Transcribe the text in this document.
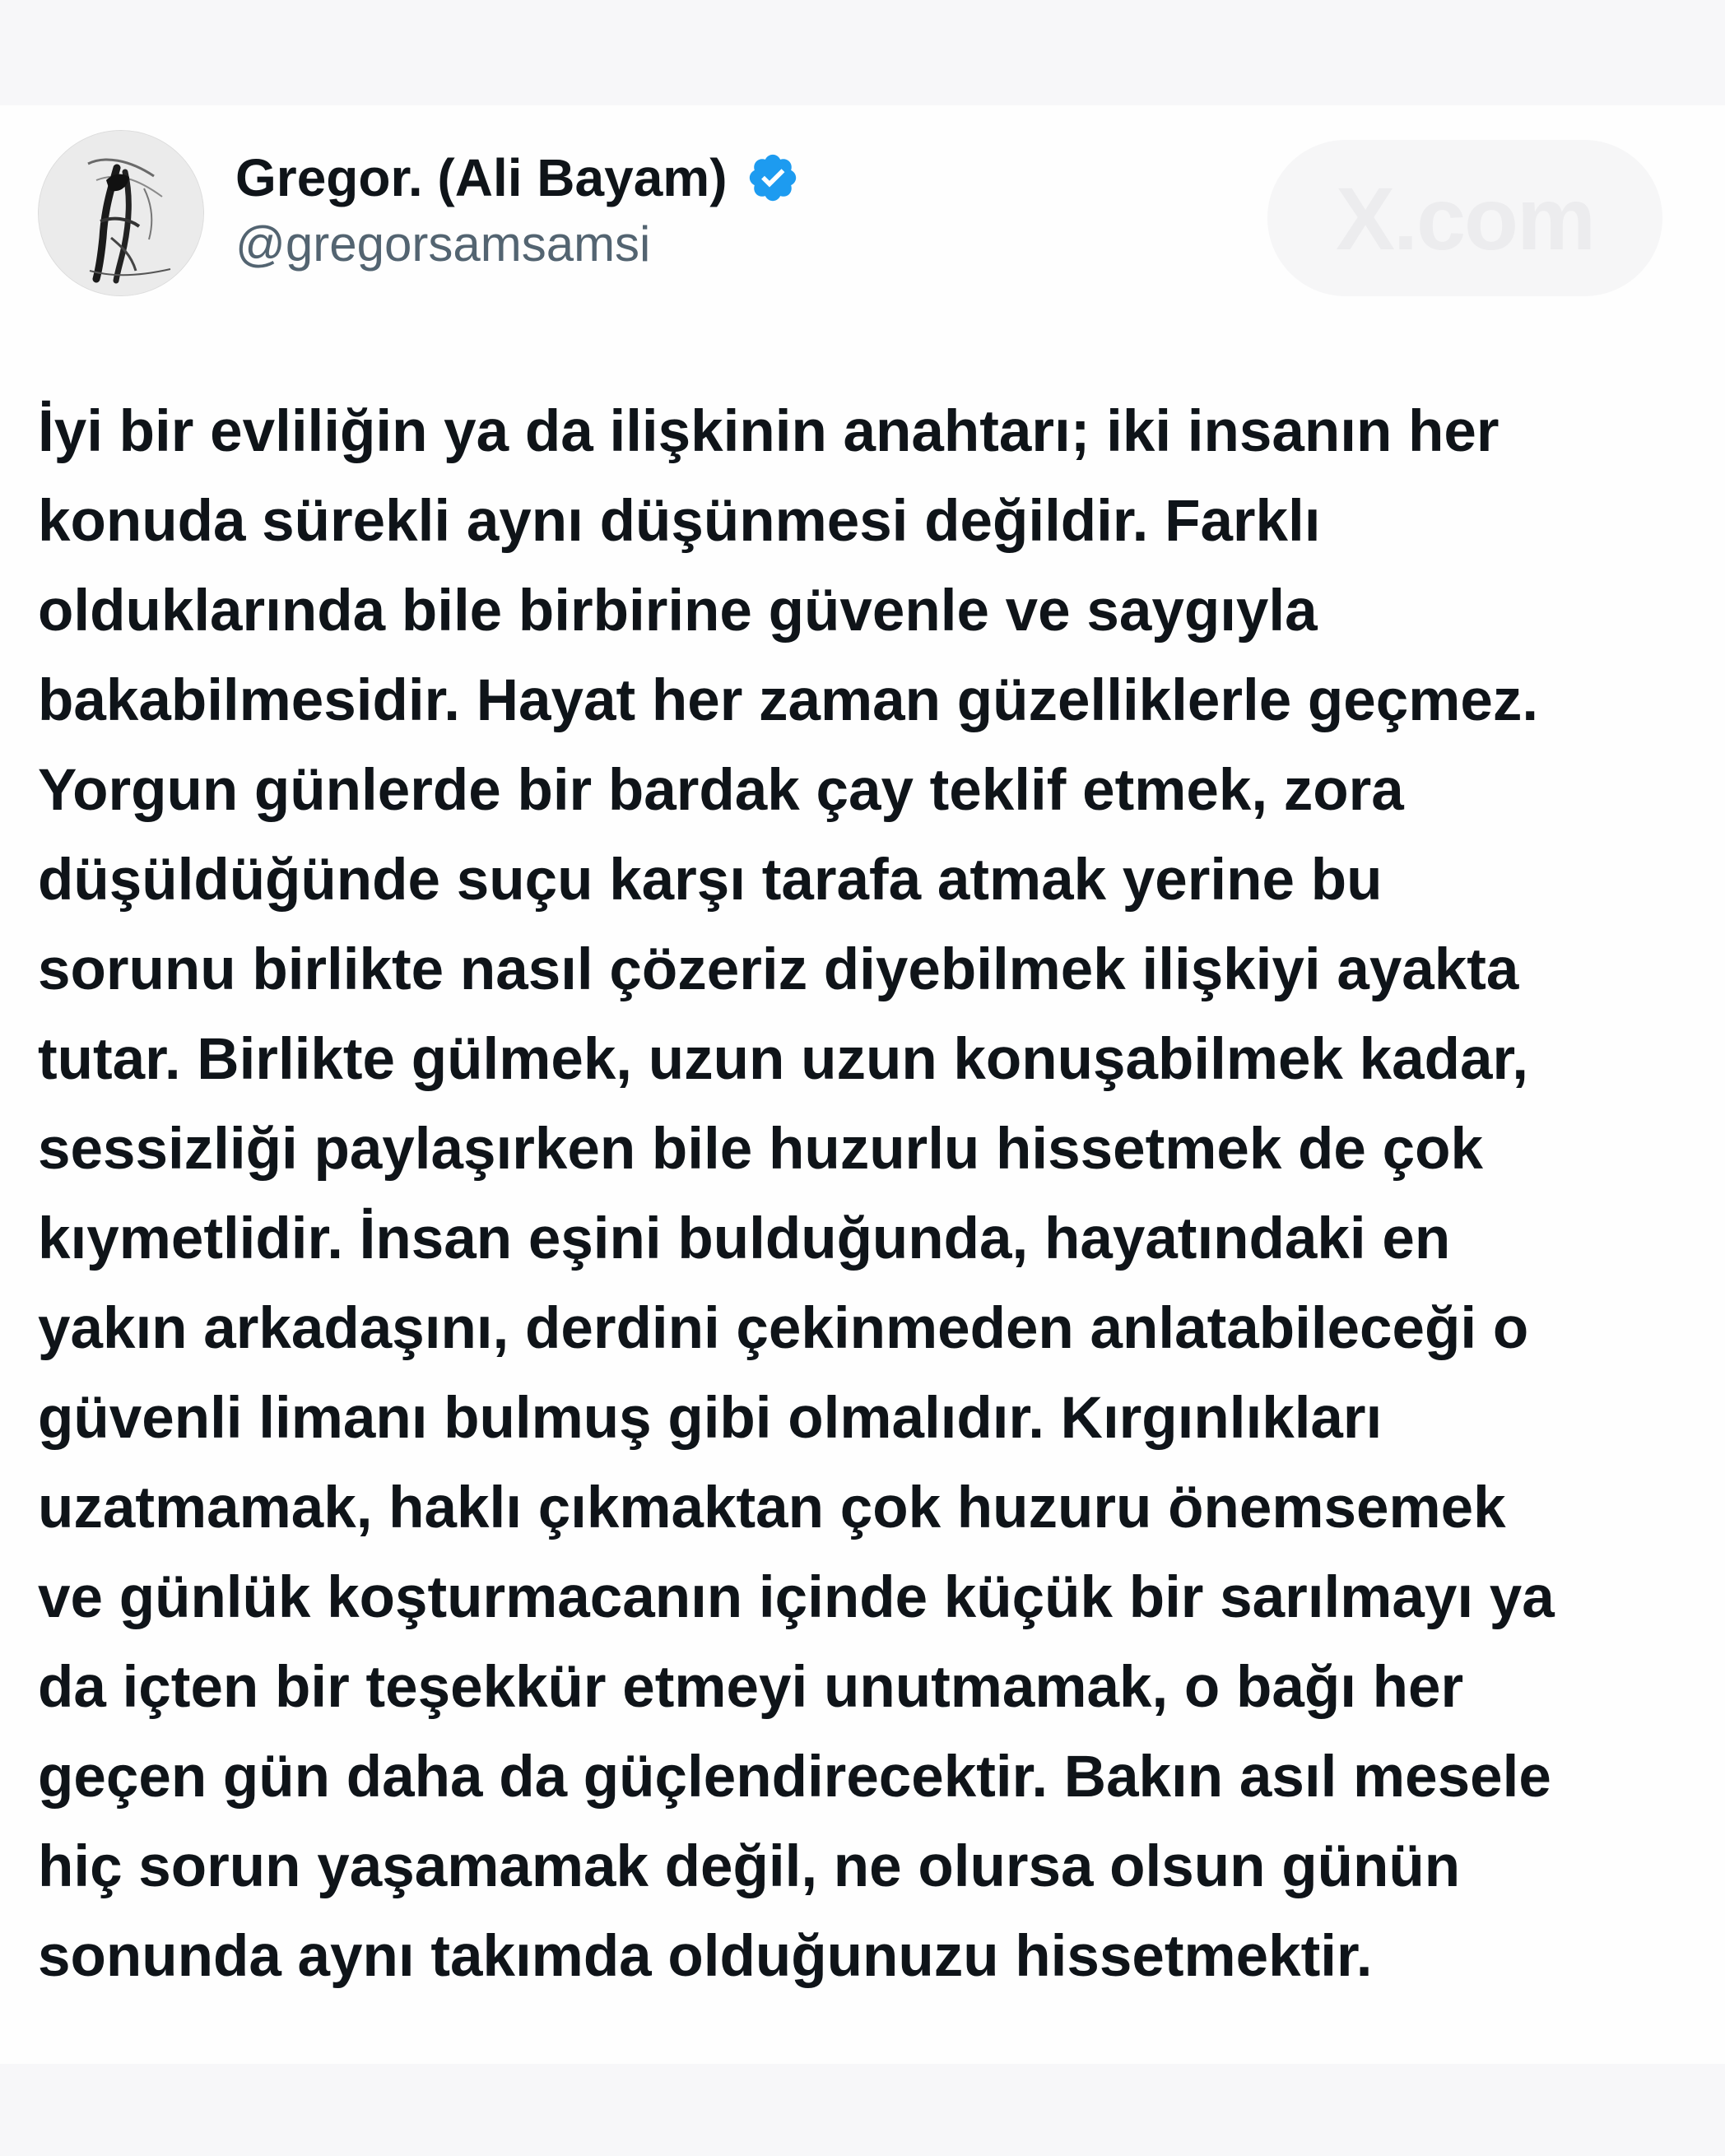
X.com
Gregor. (Ali Bayam)
@gregorsamsamsi
İyi bir evliliğin ya da ilişkinin anahtarı; iki insanın her
konuda sürekli aynı düşünmesi değildir. Farklı
olduklarında bile birbirine güvenle ve saygıyla
bakabilmesidir. Hayat her zaman güzelliklerle geçmez.
Yorgun günlerde bir bardak çay teklif etmek, zora
düşüldüğünde suçu karşı tarafa atmak yerine bu
sorunu birlikte nasıl çözeriz diyebilmek ilişkiyi ayakta
tutar. Birlikte gülmek, uzun uzun konuşabilmek kadar,
sessizliği paylaşırken bile huzurlu hissetmek de çok
kıymetlidir. İnsan eşini bulduğunda, hayatındaki en
yakın arkadaşını, derdini çekinmeden anlatabileceği o
güvenli limanı bulmuş gibi olmalıdır. Kırgınlıkları
uzatmamak, haklı çıkmaktan çok huzuru önemsemek
ve günlük koşturmacanın içinde küçük bir sarılmayı ya
da içten bir teşekkür etmeyi unutmamak, o bağı her
geçen gün daha da güçlendirecektir. Bakın asıl mesele
hiç sorun yaşamamak değil, ne olursa olsun günün
sonunda aynı takımda olduğunuzu hissetmektir.
